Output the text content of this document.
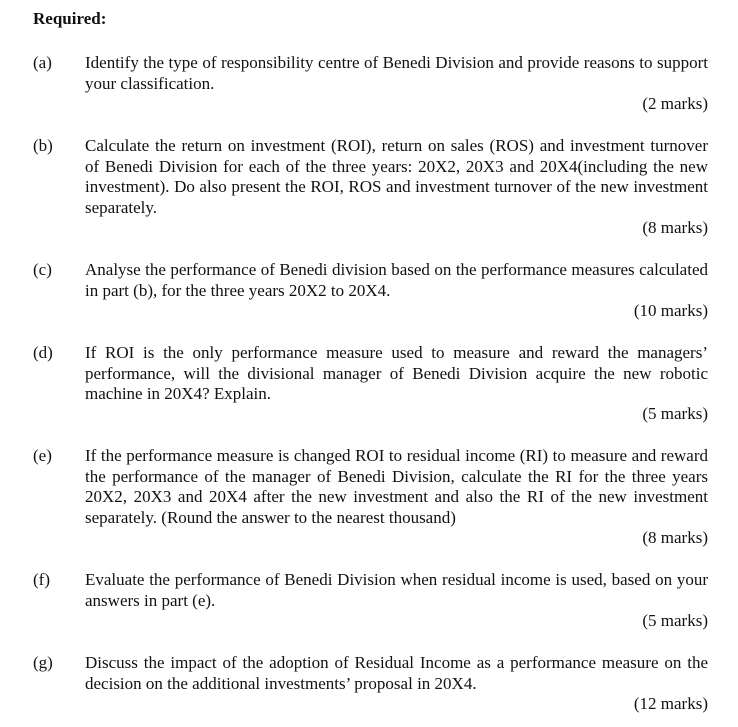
Required:
(a) Identify the type of responsibility centre of Benedi Division and provide reasons to support your classification.
(2 marks)
(b) Calculate the return on investment (ROI), return on sales (ROS) and investment turnover of Benedi Division for each of the three years: 20X2, 20X3 and 20X4(including the new investment). Do also present the ROI, ROS and investment turnover of the new investment separately.
(8 marks)
(c) Analyse the performance of Benedi division based on the performance measures calculated in part (b), for the three years 20X2 to 20X4.
(10 marks)
(d) If ROI is the only performance measure used to measure and reward the managers’ performance, will the divisional manager of Benedi Division acquire the new robotic machine in 20X4? Explain.
(5 marks)
(e) If the performance measure is changed ROI to residual income (RI) to measure and reward the performance of the manager of Benedi Division, calculate the RI for the three years 20X2, 20X3 and 20X4 after the new investment and also the RI of the new investment separately. (Round the answer to the nearest thousand)
(8 marks)
(f) Evaluate the performance of Benedi Division when residual income is used, based on your answers in part (e).
(5 marks)
(g) Discuss the impact of the adoption of Residual Income as a performance measure on the decision on the additional investments’ proposal in 20X4.
(12 marks)
